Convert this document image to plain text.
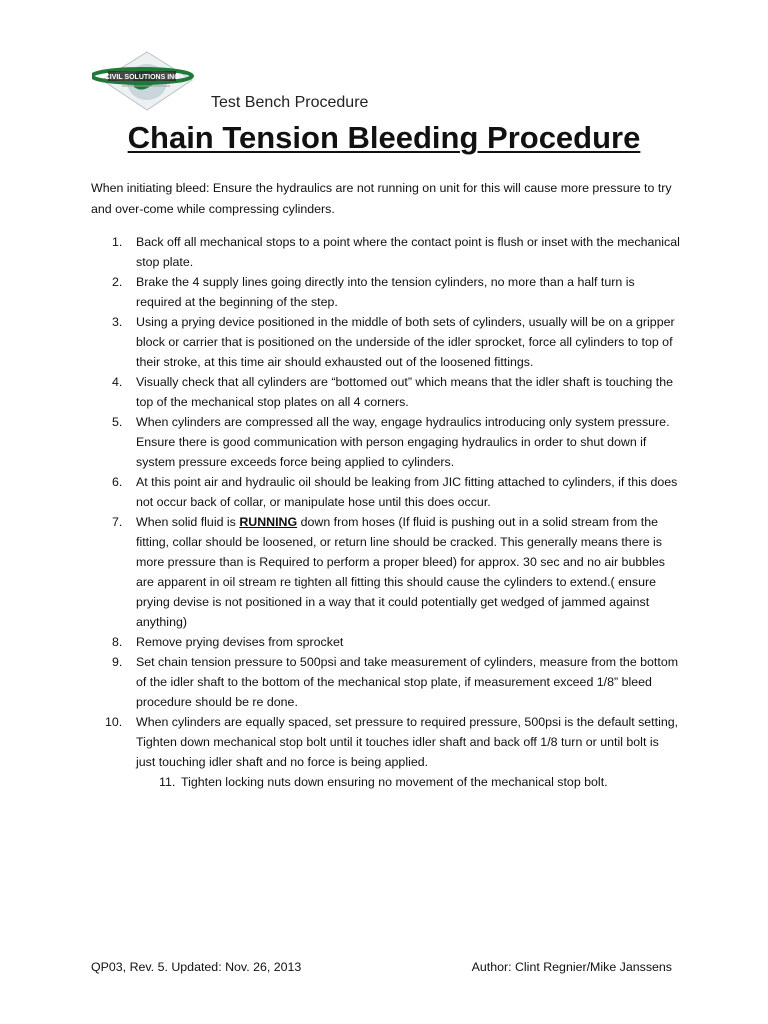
CIVIL SOLUTIONS INC
Test Bench Procedure
Chain Tension Bleeding Procedure

When initiating bleed: Ensure the hydraulics are not running on unit for this will cause more pressure to try and over-come while compressing cylinders.

1. Back off all mechanical stops to a point where the contact point is flush or inset with the mechanical stop plate.
2. Brake the 4 supply lines going directly into the tension cylinders, no more than a half turn is required at the beginning of the step.
3. Using a prying device positioned in the middle of both sets of cylinders, usually will be on a gripper block or carrier that is positioned on the underside of the idler sprocket, force all cylinders to top of their stroke, at this time air should exhausted out of the loosened fittings.
4. Visually check that all cylinders are “bottomed out” which means that the idler shaft is touching the top of the mechanical stop plates on all 4 corners.
5. When cylinders are compressed all the way, engage hydraulics introducing only system pressure. Ensure there is good communication with person engaging hydraulics in order to shut down if system pressure exceeds force being applied to cylinders.
6. At this point air and hydraulic oil should be leaking from JIC fitting attached to cylinders, if this does not occur back of collar, or manipulate hose until this does occur.
7. When solid fluid is RUNNING down from hoses (If fluid is pushing out in a solid stream from the fitting, collar should be loosened, or return line should be cracked. This generally means there is more pressure than is Required to perform a proper bleed) for approx. 30 sec and no air bubbles are apparent in oil stream re tighten all fitting this should cause the cylinders to extend.( ensure prying devise is not positioned in a way that it could potentially get wedged of jammed against anything)
8. Remove prying devises from sprocket
9. Set chain tension pressure to 500psi and take measurement of cylinders, measure from the bottom of the idler shaft to the bottom of the mechanical stop plate, if measurement exceed 1/8” bleed procedure should be re done.
10. When cylinders are equally spaced, set pressure to required pressure, 500psi is the default setting, Tighten down mechanical stop bolt until it touches idler shaft and back off 1/8 turn or until bolt is just touching idler shaft and no force is being applied.
11. Tighten locking nuts down ensuring no movement of the mechanical stop bolt.
QP03, Rev. 5. Updated: Nov. 26, 2013	Author: Clint Regnier/Mike Janssens
